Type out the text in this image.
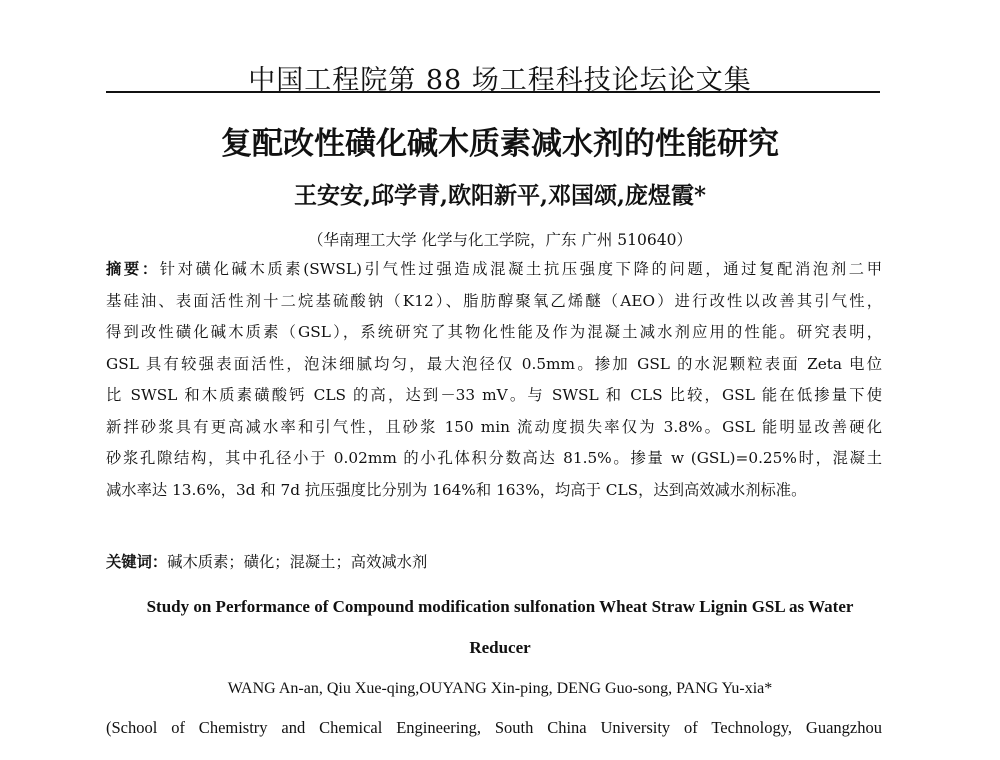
中国工程院第 88 场工程科技论坛论文集
复配改性磺化碱木质素减水剂的性能研究
王安安,邱学青,欧阳新平,邓国颂,庞煜霞*
（华南理工大学 化学与化工学院，广东 广州 510640）
摘要：针对磺化碱木质素(SWSL)引气性过强造成混凝土抗压强度下降的问题，通过复配消泡剂二甲
基硅油、表面活性剂十二烷基硫酸钠（K12）、脂肪醇聚氧乙烯醚（AEO）进行改性以改善其引气性，
得到改性磺化碱木质素（GSL），系统研究了其物化性能及作为混凝土减水剂应用的性能。研究表明，
GSL 具有较强表面活性，泡沫细腻均匀，最大泡径仅 0.5mm。掺加 GSL 的水泥颗粒表面 Zeta 电位
比 SWSL 和木质素磺酸钙 CLS 的高，达到－33 mV。与 SWSL 和 CLS 比较，GSL 能在低掺量下使
新拌砂浆具有更高减水率和引气性，且砂浆 150 min 流动度损失率仅为 3.8%。GSL 能明显改善硬化
砂浆孔隙结构，其中孔径小于 0.02mm 的小孔体积分数高达 81.5%。掺量 w (GSL)=0.25%时，混凝土
减水率达 13.6%，3d 和 7d 抗压强度比分别为 164%和 163%，均高于 CLS，达到高效减水剂标准。
关键词：碱木质素；磺化；混凝土；高效减水剂
Study on Performance of Compound modification sulfonation Wheat Straw Lignin GSL as Water
Reducer
WANG An-an, Qiu Xue-qing,OUYANG Xin-ping, DENG Guo-song, PANG Yu-xia*
(School of Chemistry and Chemical Engineering, South China University of Technology, Guangzhou
